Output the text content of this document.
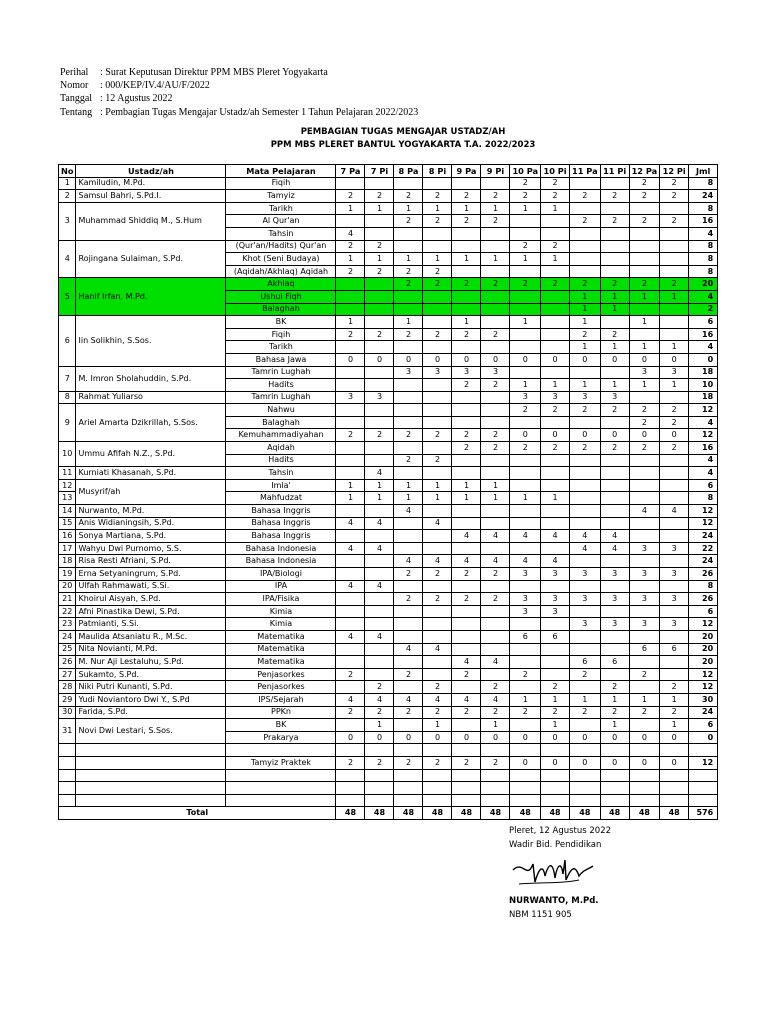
Perihal : Surat Keputusan Direktur PPM MBS Pleret Yogyakarta
Nomor : 000/KEP/IV.4/AU/F/2022
Tanggal : 12 Agustus 2022
Tentang : Pembagian Tugas Mengajar Ustadz/ah Semester 1 Tahun Pelajaran 2022/2023
PEMBAGIAN TUGAS MENGAJAR USTADZ/AH
PPM MBS PLERET BANTUL YOGYAKARTA T.A. 2022/2023
No	Ustadz/ah	Mata Pelajaran	7 Pa	7 Pi	8 Pa	8 Pi	9 Pa	9 Pi	10 Pa	10 Pi	11 Pa	11 Pi	12 Pa	12 Pi	Jml
1	Kamiludin, M.Pd.	Fiqih							2	2			2	2	8
2	Samsul Bahri, S.Pd.I.	Tamyiz	2	2	2	2	2	2	2	2	2	2	2	2	24
3	Muhammad Shiddiq M., S.Hum	Tarikh	1	1	1	1	1	1	1	1					8
		Al Qur'an			2	2	2	2			2	2	2	2	16
		Tahsin	4												4
4	Rojingana Sulaiman, S.Pd.	(Qur'an/Hadits) Qur'an	2	2					2	2					8
		Khot (Seni Budaya)	1	1	1	1	1	1	1	1					8
		(Aqidah/Akhlaq) Aqidah	2	2	2	2									8
5	Hanif Irfan, M.Pd.	Akhlaq			2	2	2	2	2	2	2	2	2	2	20
		Ushul Fiqh									1	1	1	1	4
		Balaghah									1	1			2
6	Iin Solikhin, S.Sos.	BK	1		1		1		1		1		1		6
		Fiqih	2	2	2	2	2	2			2	2			16
		Tarikh									1	1	1	1	4
		Bahasa Jawa	0	0	0	0	0	0	0	0	0	0	0	0	0
7	M. Imron Sholahuddin, S.Pd.	Tamrin Lughah			3	3	3	3					3	3	18
		Hadits					2	2	1	1	1	1	1	1	10
8	Rahmat Yuliarso	Tamrin Lughah	3	3					3	3	3	3			18
9	Ariel Amarta Dzikrillah, S.Sos.	Nahwu							2	2	2	2	2	2	12
		Balaghah											2	2	4
		Kemuhammadiyahan	2	2	2	2	2	2	0	0	0	0	0	0	12
10	Ummu Afifah N.Z., S.Pd.	Aqidah					2	2	2	2	2	2	2	2	16
		Hadits			2	2									4
11	Kurniati Khasanah, S.Pd.	Tahsin		4											4
12	Musyrif/ah	Imla'	1	1	1	1	1	1							6
13		Mahfudzat	1	1	1	1	1	1	1	1					8
14	Nurwanto, M.Pd.	Bahasa Inggris			4								4	4	12
15	Anis Widianingsih, S.Pd.	Bahasa Inggris	4	4		4									12
16	Sonya Martiana, S.Pd.	Bahasa Inggris					4	4	4	4	4	4			24
17	Wahyu Dwi Purnomo, S.S.	Bahasa Indonesia	4	4							4	4	3	3	22
18	Risa Resti Afriani, S.Pd.	Bahasa Indonesia			4	4	4	4	4	4					24
19	Erna Setyaningrum, S.Pd.	IPA/Biologi			2	2	2	2	3	3	3	3	3	3	26
20	Ulfah Rahmawati, S.Si.	IPA	4	4											8
21	Khoirul Aisyah, S.Pd.	IPA/Fisika			2	2	2	2	3	3	3	3	3	3	26
22	Afni Pinastika Dewi, S.Pd.	Kimia							3	3					6
23	Patmianti, S.Si.	Kimia									3	3	3	3	12
24	Maulida Atsaniatu R., M.Sc.	Matematika	4	4					6	6					20
25	Nita Novianti, M.Pd.	Matematika			4	4							6	6	20
26	M. Nur Aji Lestaluhu, S.Pd.	Matematika					4	4			6	6			20
27	Sukamto, S.Pd.	Penjasorkes	2		2		2		2		2		2		12
28	Niki Putri Kunanti, S.Pd.	Penjasorkes		2		2		2		2		2		2	12
29	Yudi Noviantoro Dwi Y., S.Pd	IPS/Sejarah	4	4	4	4	4	4	1	1	1	1	1	1	30
30	Farida, S.Pd.	PPKn	2	2	2	2	2	2	2	2	2	2	2	2	24
31	Novi Dwi Lestari, S.Sos.	BK		1		1		1		1		1		1	6
		Prakarya	0	0	0	0	0	0	0	0	0	0	0	0	0

		Tamyiz Praktek	2	2	2	2	2	2	0	0	0	0	0	0	12

Total			48	48	48	48	48	48	48	48	48	48	48	48	576
Pleret, 12 Agustus 2022
Wadir Bid. Pendidikan
NURWANTO, M.Pd.
NBM 1151 905
